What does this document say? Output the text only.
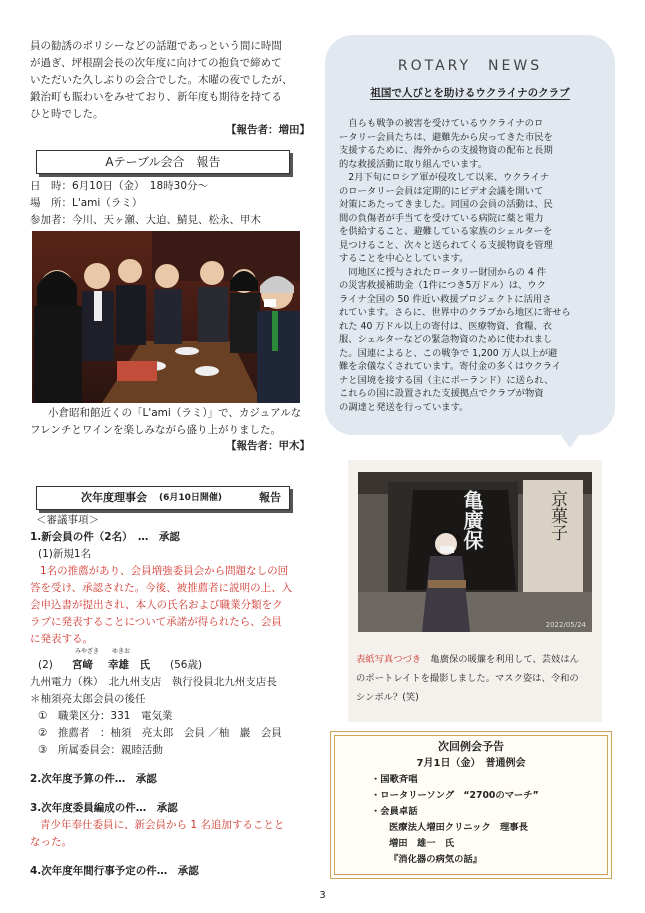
員の勧誘のポリシーなどの話題であっという間に時間
が過ぎ、坪根副会長の次年度に向けての抱負で締めて
いただいた久しぶりの会合でした。木曜の夜でしたが、
鍛治町も賑わいをみせており、新年度も期待を持てる
ひと時でした。
【報告者：増田】
Aテーブル会合　報告
日　時：6月10日（金）　18時30分～
場　所：L'ami（ラミ）
参加者：今川、天ヶ瀬、大迫、鯖見、松永、甲木
小倉昭和館近くの「L'ami（ラミ）」で、カジュアルな
フレンチとワインを楽しみながら盛り上がりました。
【報告者：甲木】
次年度理事会 (6月10日開催)	報告
＜審議事項＞
1.新会員の件（2名）　…　承認
(1)新規1名
1名の推薦があり、会員増強委員会から問題なしの回
答を受け、承認された。今後、被推薦者に説明の上、入
会申込書が提出され、本人の氏名および職業分類をク
ラブに発表することについて承諾が得られたら、会員
に発表する。
(2)
みやざき
宮﨑
ゆきお
幸雄　氏 (56歳)
九州電力（株）　北九州支店　執行役員北九州支店長
＊柚須亮太郎会員の後任
①　職業区分：331　電気業
②　推薦者　：柚須　亮太郎　会員 ／柚　巖　会員
③　所属委員会：親睦活動
2.次年度予算の件…　承認
3.次年度委員編成の件…　承認
青少年奉仕委員に、新会員から 1 名追加することと
なった。
4.次年度年間行事予定の件…　承認
ROTARY　NEWS
祖国で人びとを助けるウクライナのクラブ
　自らも戦争の被害を受けているウクライナのロ
ータリー会員たちは、避難先から戻ってきた市民を
支援するために、海外からの支援物資の配布と長期
的な救援活動に取り組んでいます。
　2月下旬にロシア軍が侵攻して以来、ウクライナ
のロータリー会員は定期的にビデオ会議を開いて
対策にあたってきました。同国の会員の活動は、民
間の負傷者が手当てを受けている病院に薬と電力
を供給すること、避難している家族のシェルターを
見つけること、次々と送られてくる支援物資を管理
することを中心としています。
　同地区に授与されたロータリー財団からの 4 件
の災害救援補助金（1件につき5万ドル）は、ウク
ライナ全国の 50 件近い救援プロジェクトに活用さ
れています。さらに、世界中のクラブから地区に寄せら
れた 40 万ドル以上の寄付は、医療物資、食糧、衣
服、シェルターなどの緊急物資のために使われまし
た。国連によると、この戦争で 1,200 万人以上が避
難を余儀なくされています。寄付金の多くはウクライ
ナと国境を接する国（主にポーランド）に送られ、
これらの国に設置された支援拠点でクラブが物資
の調達と発送を行っています。
京菓子
亀廣保
2022/05/24
表紙写真つづき　亀廣保の暖簾を利用して、芸妓はん
のポートレイトを撮影しました。マスク姿は、令和の
シンボル？(笑)
次回例会予告
7月1日（金）　普通例会
・国歌斉唱
・ロータリーソング　“2700のマーチ”
・会員卓話
医療法人増田クリニック　理事長
増田　雄一　氏
『消化器の病気の話』
3
